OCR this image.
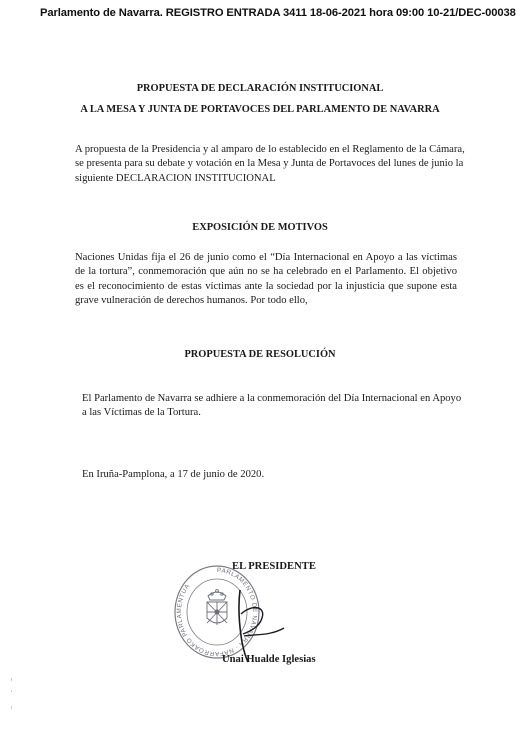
Parlamento de Navarra. REGISTRO ENTRADA 3411 18-06-2021 hora 09:00 10-21/DEC-00038
PROPUESTA DE DECLARACIÓN INSTITUCIONAL
A LA MESA Y JUNTA DE PORTAVOCES DEL PARLAMENTO DE NAVARRA
A propuesta de la Presidencia y al amparo de lo establecido en el Reglamento de la Cámara, se presenta para su debate y votación en la Mesa y Junta de Portavoces del lunes de junio la siguiente DECLARACION INSTITUCIONAL
EXPOSICIÓN DE MOTIVOS
Naciones Unidas fija el 26 de junio como el “Día Internacional en Apoyo a las víctimas de la tortura”, conmemoración que aún no se ha celebrado en el Parlamento. El objetivo es el reconocimiento de estas víctimas ante la sociedad por la injusticia que supone esta grave vulneración de derechos humanos. Por todo ello,
PROPUESTA DE RESOLUCIÓN
El Parlamento de Navarra se adhiere a la conmemoración del Día Internacional en Apoyo a las Víctimas de la Tortura.
En Iruña-Pamplona, a 17 de junio de 2020.
EL PRESIDENTE
PARLAMENTO DE NAVARRA · NAFARROAKO PARLAMENTUA
Unai Hualde Iglesias
